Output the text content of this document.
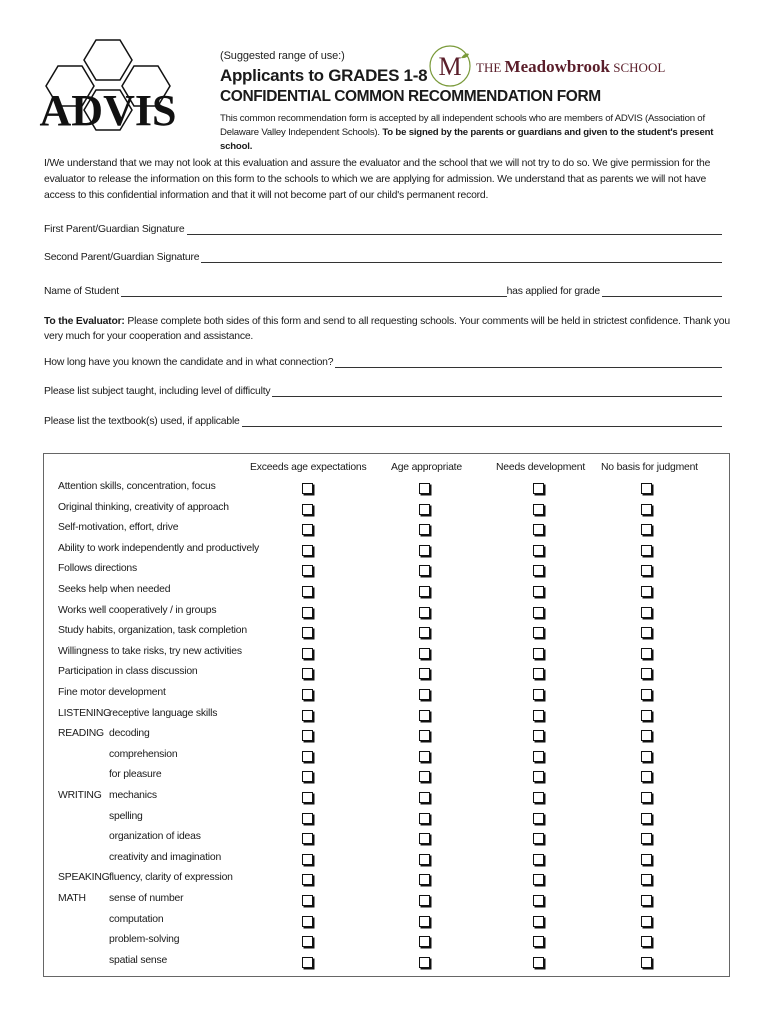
ADVIS
M THE Meadowbrook SCHOOL
(Suggested range of use:)
Applicants to GRADES 1-8
CONFIDENTIAL COMMON RECOMMENDATION FORM
This common recommendation form is accepted by all independent schools who are members of ADVIS (Association of Delaware Valley Independent Schools). To be signed by the parents or guardians and given to the student's present school.
I/We understand that we may not look at this evaluation and assure the evaluator and the school that we will not try to do so. We give permission for the evaluator to release the information on this form to the schools to which we are applying for admission. We understand that as parents we will not have access to this confidential information and that it will not become part of our child's permanent record.
First Parent/Guardian Signature
Second Parent/Guardian Signature
Name of Student	has applied for grade
To the Evaluator: Please complete both sides of this form and send to all requesting schools. Your comments will be held in strictest confidence. Thank you very much for your cooperation and assistance.
How long have you known the candidate and in what connection?
Please list subject taught, including level of difficulty
Please list the textbook(s) used, if applicable
Exceeds age expectations Age appropriate	Needs development No basis for judgment
Attention skills, concentration, focus
Original thinking, creativity of approach
Self-motivation, effort, drive
Ability to work independently and productively
Follows directions
Seeks help when needed
Works well cooperatively / in groups
Study habits, organization, task completion
Willingness to take risks, try new activities
Participation in class discussion
Fine motor development
LISTENING
receptive language skills
READING decoding
comprehension
for pleasure
WRITING mechanics
spelling
organization of ideas
creativity and imagination
SPEAKING fluency, clarity of expression
MATH sense of number
computation
problem-solving
spatial sense
